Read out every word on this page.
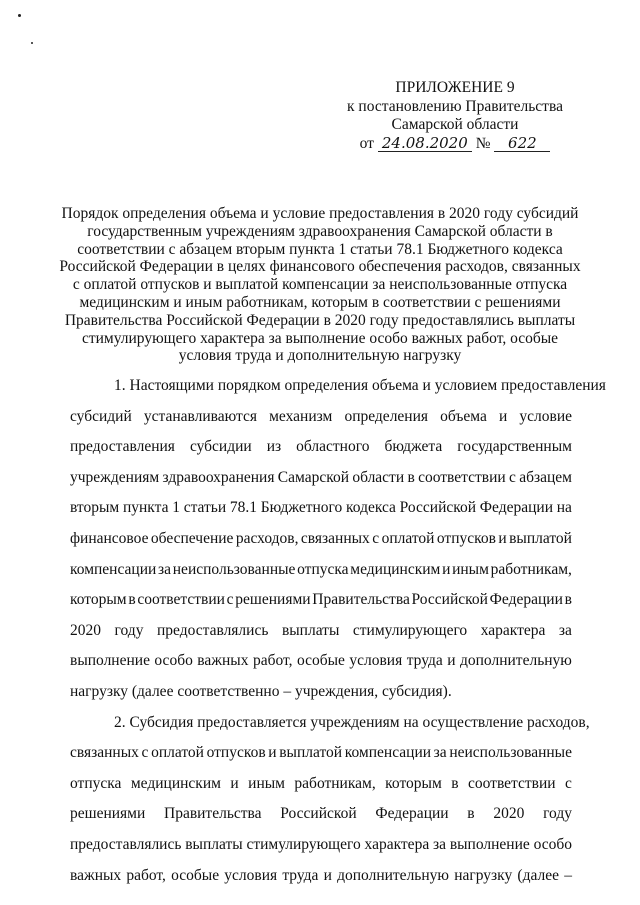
ПРИЛОЖЕНИЕ 9
к постановлению Правительства
Самарской области
от 24.08.2020 № 622
Порядок определения объема и условие предоставления в 2020 году субсидий
государственным учреждениям здравоохранения Самарской области в
соответствии с абзацем вторым пункта 1 статьи 78.1 Бюджетного кодекса
Российской Федерации в целях финансового обеспечения расходов, связанных
с оплатой отпусков и выплатой компенсации за неиспользованные отпуска
медицинским и иным работникам, которым в соответствии с решениями
Правительства Российской Федерации в 2020 году предоставлялись выплаты
стимулирующего характера за выполнение особо важных работ, особые
условия труда и дополнительную нагрузку
1. Настоящими порядком определения объема и условием предоставления
субсидий устанавливаются механизм определения объема и условие
предоставления субсидии из областного бюджета государственным
учреждениям здравоохранения Самарской области в соответствии с абзацем
вторым пункта 1 статьи 78.1 Бюджетного кодекса Российской Федерации на
финансовое обеспечение расходов, связанных с оплатой отпусков и выплатой
компенсации за неиспользованные отпуска медицинским и иным работникам,
которым в соответствии с решениями Правительства Российской Федерации в
2020 году предоставлялись выплаты стимулирующего характера за
выполнение особо важных работ, особые условия труда и дополнительную
нагрузку (далее соответственно – учреждения, субсидия).
2. Субсидия предоставляется учреждениям на осуществление расходов,
связанных с оплатой отпусков и выплатой компенсации за неиспользованные
отпуска медицинским и иным работникам, которым в соответствии с
решениями Правительства Российской Федерации в 2020 году
предоставлялись выплаты стимулирующего характера за выполнение особо
важных работ, особые условия труда и дополнительную нагрузку (далее –
